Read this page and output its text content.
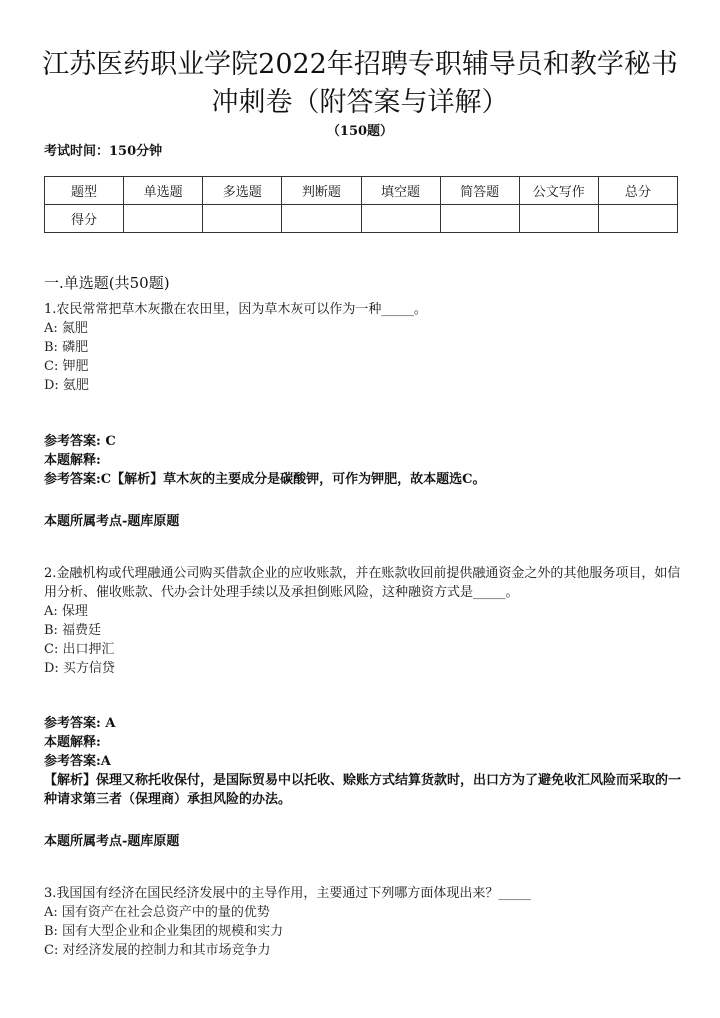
江苏医药职业学院2022年招聘专职辅导员和教学秘书
冲刺卷（附答案与详解）
（150题）
考试时间：150分钟
题型	单选题	多选题	判断题	填空题	简答题	公文写作	总分
得分							
一.单选题(共50题)
1.农民常常把草木灰撒在农田里，因为草木灰可以作为一种_____。
A: 氮肥
B: 磷肥
C: 钾肥
D: 氨肥
参考答案: C
本题解释:
参考答案:C【解析】草木灰的主要成分是碳酸钾，可作为钾肥，故本题选C。
本题所属考点-题库原题
2.金融机构或代理融通公司购买借款企业的应收账款，并在账款收回前提供融通资金之外的其他服务项目，如信用分析、催收账款、代办会计处理手续以及承担倒账风险，这种融资方式是_____。
A: 保理
B: 福费廷
C: 出口押汇
D: 买方信贷
参考答案: A
本题解释:
参考答案:A
【解析】保理又称托收保付，是国际贸易中以托收、赊账方式结算货款时，出口方为了避免收汇风险而采取的一种请求第三者（保理商）承担风险的办法。
本题所属考点-题库原题
3.我国国有经济在国民经济发展中的主导作用，主要通过下列哪方面体现出来？_____
A: 国有资产在社会总资产中的量的优势
B: 国有大型企业和企业集团的规模和实力
C: 对经济发展的控制力和其市场竞争力
